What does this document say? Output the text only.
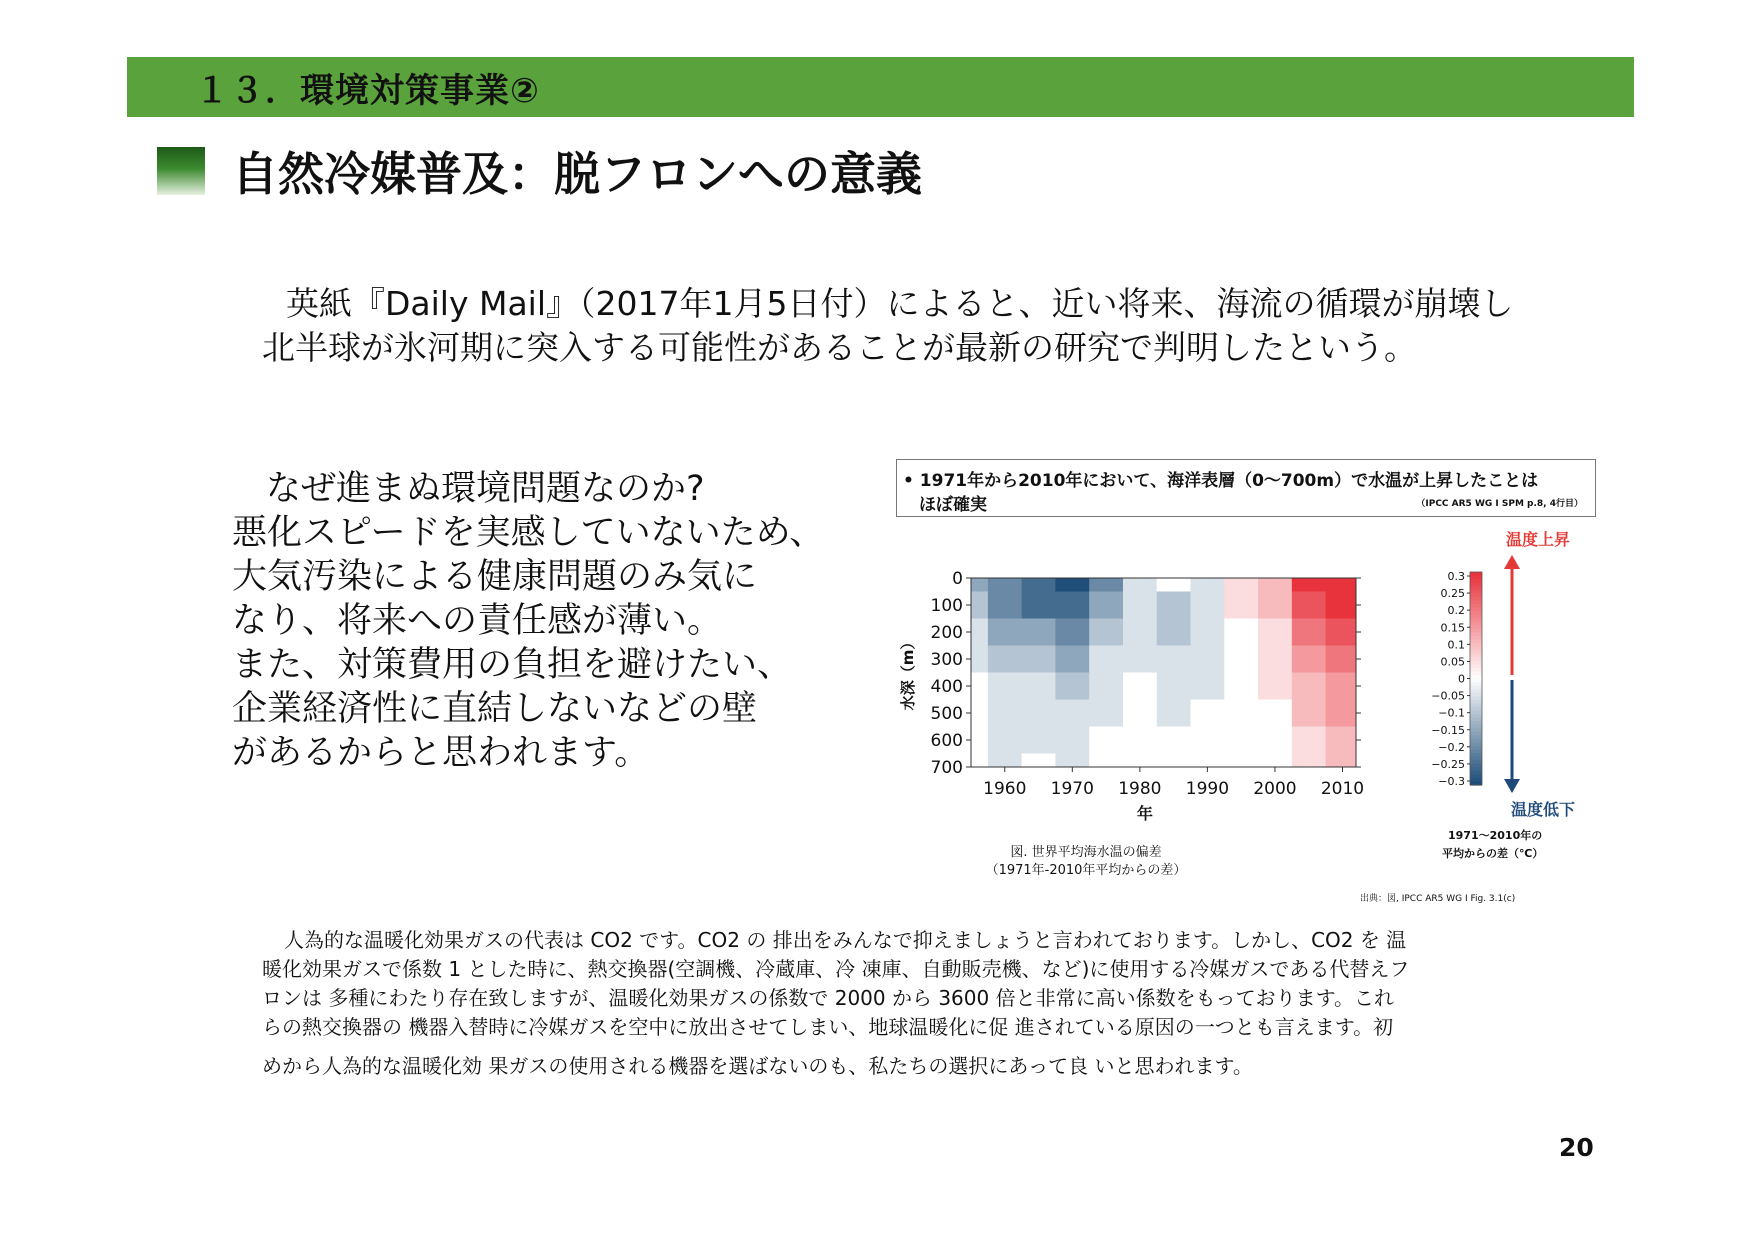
１３．環境対策事業②
自然冷媒普及：脱フロンへの意義
英紙『Daily Mail』（2017年1月5日付）によると、近い将来、海流の循環が崩壊し
北半球が氷河期に突入する可能性があることが最新の研究で判明したという。
なぜ進まぬ環境問題なのか?
悪化スピードを実感していないため、
大気汚染による健康問題のみ気に
なり、将来への責任感が薄い。
また、対策費用の負担を避けたい、
企業経済性に直結しないなどの壁
があるからと思われます。
• 1971年から2010年において、海洋表層（0〜700m）で水温が上昇したことは
ほぼ確実	（IPCC AR5 WG Ⅰ SPM p.8, 4行目）
0
100
200
300
400
500
600
700
1960 1970 1980 1990 2000 2010
水深（m）
年
図. 世界平均海水温の偏差
（1971年-2010年平均からの差）
0.3
0.25
0.2
0.15
0.1
0.05
0
−0.05
−0.1
−0.15
−0.2
−0.25
−0.3
温度上昇
温度低下
1971〜2010年の
平均からの差（℃）
出典：図, IPCC AR5 WG Ⅰ Fig. 3.1(c)
人為的な温暖化効果ガスの代表は CO2 です。CO2 の 排出をみんなで抑えましょうと言われております。しかし、CO2 を 温
暖化効果ガスで係数 1 とした時に、熱交換器(空調機、冷蔵庫、冷 凍庫、自動販売機、など)に使用する冷媒ガスである代替えフ
ロンは 多種にわたり存在致しますが、温暖化効果ガスの係数で 2000 から 3600 倍と非常に高い係数をもっております。これ
らの熱交換器の 機器入替時に冷媒ガスを空中に放出させてしまい、地球温暖化に促 進されている原因の一つとも言えます。初
めから人為的な温暖化効 果ガスの使用される機器を選ばないのも、私たちの選択にあって良 いと思われます。
20
